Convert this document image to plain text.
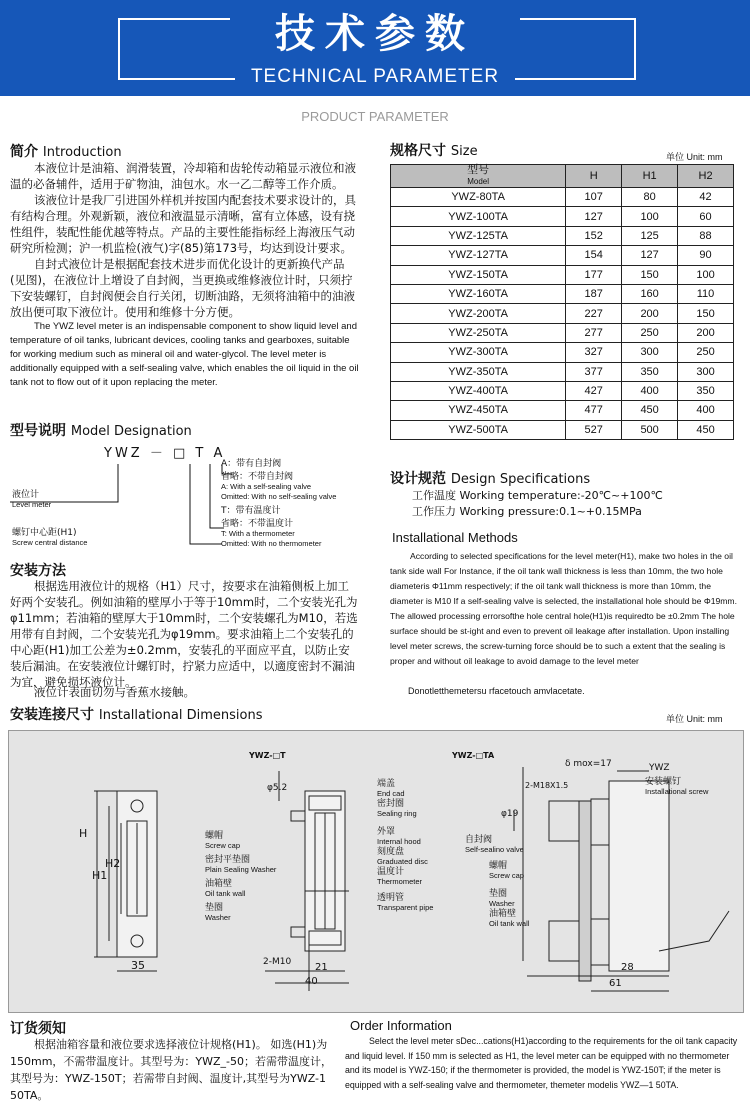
技术参数
TECHNICAL PARAMETER
PRODUCT PARAMETER
简介 Introduction
本液位计是油箱、润滑装置，冷却箱和齿轮传动箱显示液位和液温的必备辅件，适用于矿物油，油包水。水一乙二醇等工作介质。
该液位计是我厂引进国外样机并按国内配套技术要求设计的，具有结构合理。外观新颖，液位和液温显示清晰，富有立体感，设有挠性组件，装配性能优越等特点。产品的主要性能指标经上海液压气动研究所检测；沪一机监检(液气)字(85)第173号，均达到设计要求。
自封式液位计是根据配套技术进步而优化设计的更新换代产品(见图)，在液位计上增设了自封阀，当更换或维修液位计时，只须拧下安装螺钉，自封阀便会自行关闭，切断油路，无须将油箱中的油液放出便可取下液位计。使用和维修十分方便。
The YWZ level meter is an indispensable component to show liquid level and temperature of oil tanks, lubricant devices, cooling tanks and gearboxes, suitable for working medium such as mineral oil and water-glycol. The level meter is additionally equipped with a self-sealing valve, which enables the oil liquid in the oil tank not to flow out of it upon replacing the meter.
型号说明 Model Designation
YWZ － □ T A
A：带有自封阀
省略：不带自封阀
A: With a self-sealing valve
Omitted: With no self-sealing valve
T：带有温度计
省略：不带温度计
T: With a thermometer
Omitted: With no thermometer
液位计
Level meter
螺钉中心距(H1)
Screw central distance
安装方法
根据选用液位计的规格（H1）尺寸，按要求在油箱侧板上加工好两个安装孔。例如油箱的壁厚小于等于10mm时，二个安装光孔为φ11mm；若油箱的壁厚大于10mm时，二个安装螺孔为M10，若选用带有自封阀，二个安装光孔为φ19mm。要求油箱上二个安装孔的中心距(H1)加工公差为±0.2mm，安装孔的平面应平直，以防止安装后漏油。在安装液位计螺钉时，拧紧力应适中，以適度密封不漏油为宜，避免损坏液位计。
液位计表面切勿与香蕉水接触。
规格尺寸 Size	单位 Unit: mm
型号
Model	H	H1	H2
YWZ-80TA	107	80	42
YWZ-100TA	127	100	60
YWZ-125TA	152	125	88
YWZ-127TA	154	127	90
YWZ-150TA	177	150	100
YWZ-160TA	187	160	110
YWZ-200TA	227	200	150
YWZ-250TA	277	250	200
YWZ-300TA	327	300	250
YWZ-350TA	377	350	300
YWZ-400TA	427	400	350
YWZ-450TA	477	450	400
YWZ-500TA	527	500	450
设计规范 Design Specifications
工作温度 Working temperature:-20℃~+100℃
工作压力 Working pressure:0.1~+0.15MPa
Installational Methods
According to selected specifications for the level meter(H1), make two holes in the oil tank side wall For Instance, if the oil tank wall thickness is less than 10mm, the two hole diameteris Φ11mm respectively; if the oil tank wall thickness is more than 10mm, the diameter is M10 If a self-sealing valve is selected, the installational hole should be Φ19mm. The allowed processing errorsofthe hole central hole(H1)is requiredto be ±0.2mm The hole surface should be st-ight and even to prevent oil leakage after installation. Upon installing level meter screws, the screw-turning force should be to such a extent that the sealing is proper and without oil leakage to avoid damage to the level meter
Donotletthemetersu rfacetouch amvlacetate.
安装连接尺寸 Installational Dimensions	单位 Unit: mm
H
H1
H2
35
YWZ-□T
φ5.2
21
40
2-M10
螺帽
Screw cap
密封平垫圈
Plain Sealing Washer
油箱壁
Oil tank wall
垫圈
Washer
端盖
End cad
密封圈
Sealing ring
外罩
Internal hood
刻度盘
Graduated disc
温度计
Thermometer
透明管
Transparent pipe
YWZ-□TA
δ mox=17
2-M18X1.5
φ19
YWZ
28
61
安装螺钉
Installational screw
自封阀
Self-sealino valve
螺帽
Screw cap
垫圈
Washer
油箱壁
Oil tank wall
订货须知
根据油箱容量和液位要求选择液位计规格(H1)。 如选(H1)为150mm，不需带温度计。其型号为：YWZ_-50；若需带温度计，其型号为：YWZ-150T；若需带自封阀、温度计,其型号为YWZ-1 50TA。
Order Information
Select the level meter sDec...cations(H1)according to the requirements for the oil tank capacity and liquid level. If 150 mm is selected as H1, the level meter can be equipped with no thermometer and its model is YWZ-150; if the thermometer is provided, the model is YWZ-150T; if the meter is equipped with a self-sealing valve and thermometer, themeter modelis YWZ—1 50TA.
